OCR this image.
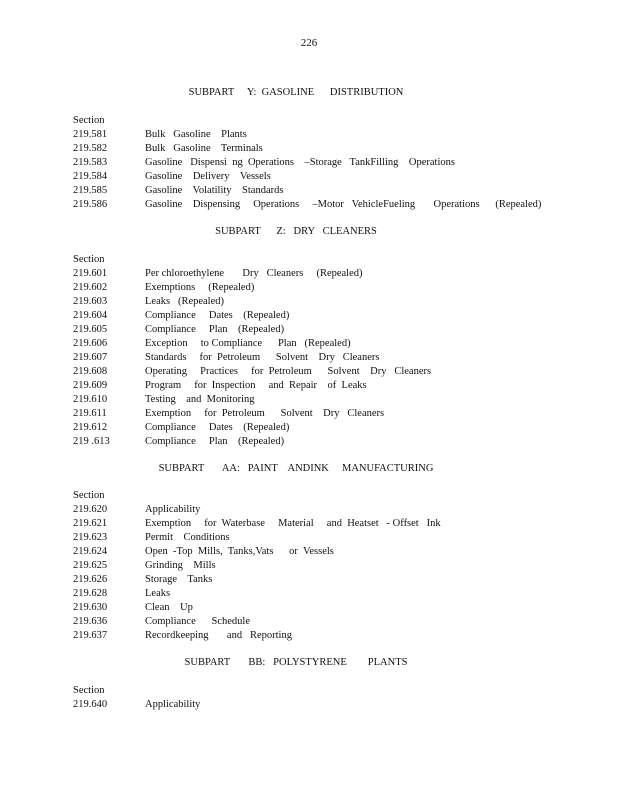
226
SUBPART     Y:  GASOLINE      DISTRIBUTION
Section
219.581	Bulk   Gasoline    Plants
219.582	Bulk   Gasoline    Terminals
219.583	Gasoline   Dispensi  ng  Operations    –Storage   TankFilling    Operations
219.584	Gasoline    Delivery    Vessels
219.585	Gasoline    Volatility    Standards
219.586	Gasoline    Dispensing     Operations     –Motor   VehicleFueling       Operations      (Repealed)
SUBPART      Z:   DRY   CLEANERS
Section
219.601	Per chloroethylene       Dry   Cleaners     (Repealed)
219.602	Exemptions     (Repealed)
219.603	Leaks   (Repealed)
219.604	Compliance     Dates    (Repealed)
219.605	Compliance     Plan    (Repealed)
219.606	Exception     to Compliance      Plan   (Repealed)
219.607	Standards     for  Petroleum      Solvent    Dry   Cleaners
219.608	Operating     Practices     for  Petroleum      Solvent    Dry   Cleaners
219.609	Program     for  Inspection     and  Repair    of  Leaks
219.610	Testing    and  Monitoring
219.611	Exemption     for  Petroleum      Solvent    Dry   Cleaners
219.612	Compliance     Dates    (Repealed)
219 .613	Compliance     Plan    (Repealed)
SUBPART       AA:   PAINT    ANDINK     MANUFACTURING
Section
219.620	Applicability
219.621	Exemption     for  Waterbase     Material     and  Heatset   - Offset   Ink
219.623	Permit    Conditions
219.624	Open  -Top  Mills,  Tanks,Vats      or  Vessels
219.625	Grinding    Mills
219.626	Storage    Tanks
219.628	Leaks
219.630	Clean    Up
219.636	Compliance      Schedule
219.637	Recordkeeping       and   Reporting
SUBPART       BB:   POLYSTYRENE        PLANTS
Section
219.640	Applicability
